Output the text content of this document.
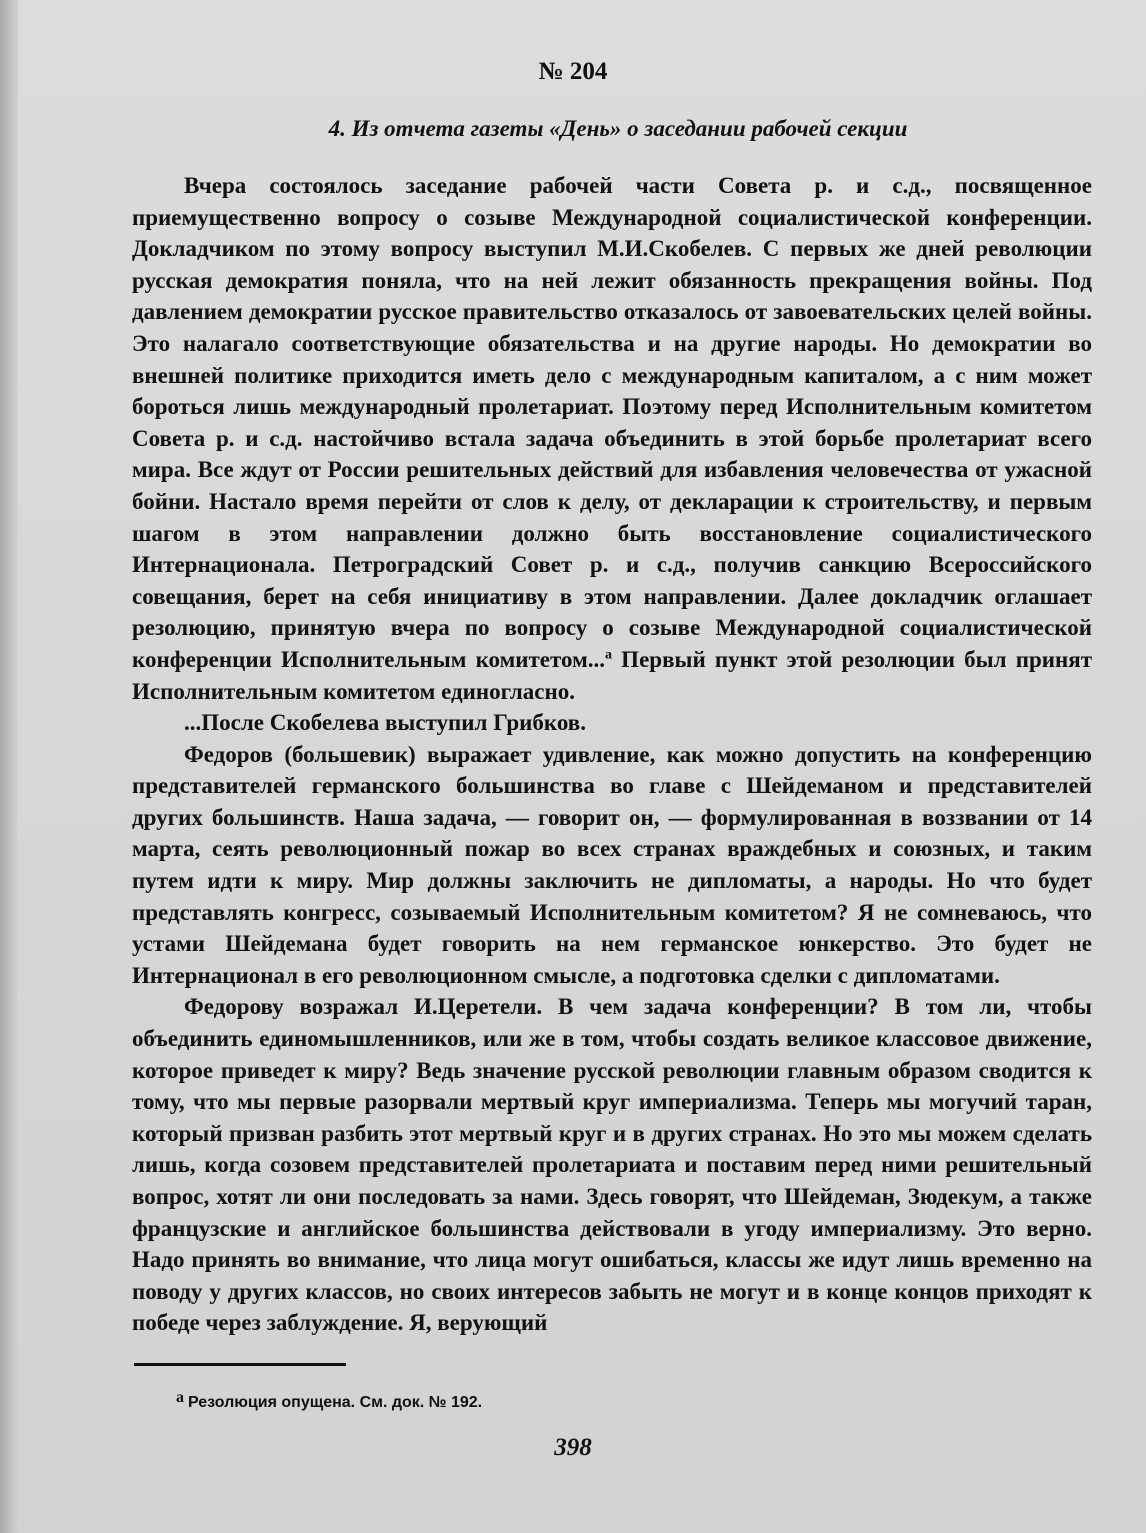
№ 204
4. Из отчета газеты «День» о заседании рабочей секции

Вчера состоялось заседание рабочей части Совета р. и с.д., посвященное приемущественно вопросу о созыве Международной социалистической конференции. Докладчиком по этому вопросу выступил М.И.Скобелев. С первых же дней революции русская демократия поняла, что на ней лежит обязанность прекращения войны. Под давлением демократии русское правительство отказалось от завоевательских целей войны. Это налагало соответствующие обязательства и на другие народы. Но демократии во внешней политике приходится иметь дело с международным капиталом, а с ним может бороться лишь международный пролетариат. Поэтому перед Исполнительным комитетом Совета р. и с.д. настойчиво встала задача объединить в этой борьбе пролетариат всего мира. Все ждут от России решительных действий для избавления человечества от ужасной бойни. Настало время перейти от слов к делу, от декларации к строительству, и первым шагом в этом направлении должно быть восстановление социалистического Интернационала. Петроградский Совет р. и с.д., получив санкцию Всероссийского совещания, берет на себя инициативу в этом направлении. Далее докладчик оглашает резолюцию, принятую вчера по вопросу о созыве Международной социалистической конференции Исполнительным комитетом...$^а$ Первый пункт этой резолюции был принят Исполнительным комитетом единогласно.

...После Скобелева выступил Грибков.

Федоров (большевик) выражает удивление, как можно допустить на конференцию представителей германского большинства во главе с Шейдеманом и представителей других большинств. Наша задача, — говорит он, — формулированная в воззвании от 14 марта, сеять революционный пожар во всех странах враждебных и союзных, и таким путем идти к миру. Мир должны заключить не дипломаты, а народы. Но что будет представлять конгресс, созываемый Исполнительным комитетом? Я не сомневаюсь, что устами Шейдемана будет говорить на нем германское юнкерство. Это будет не Интернационал в его революционном смысле, а подготовка сделки с дипломатами.

Федорову возражал И.Церетели. В чем задача конференции? В том ли, чтобы объединить единомышленников, или же в том, чтобы создать великое классовое движение, которое приведет к миру? Ведь значение русской революции главным образом сводится к тому, что мы первые разорвали мертвый круг империализма. Теперь мы могучий таран, который призван разбить этот мертвый круг и в других странах. Но это мы можем сделать лишь, когда созовем представителей пролетариата и поставим перед ними решительный вопрос, хотят ли они последовать за нами. Здесь говорят, что Шейдеман, Зюдекум, а также французские и английское большинства действовали в угоду империализму. Это верно. Надо принять во внимание, что лица могут ошибаться, классы же идут лишь временно на поводу у других классов, но своих интересов забыть не могут и в конце концов приходят к победе через заблуждение. Я, верующий

а Резолюция опущена. См. док. № 192.

398
